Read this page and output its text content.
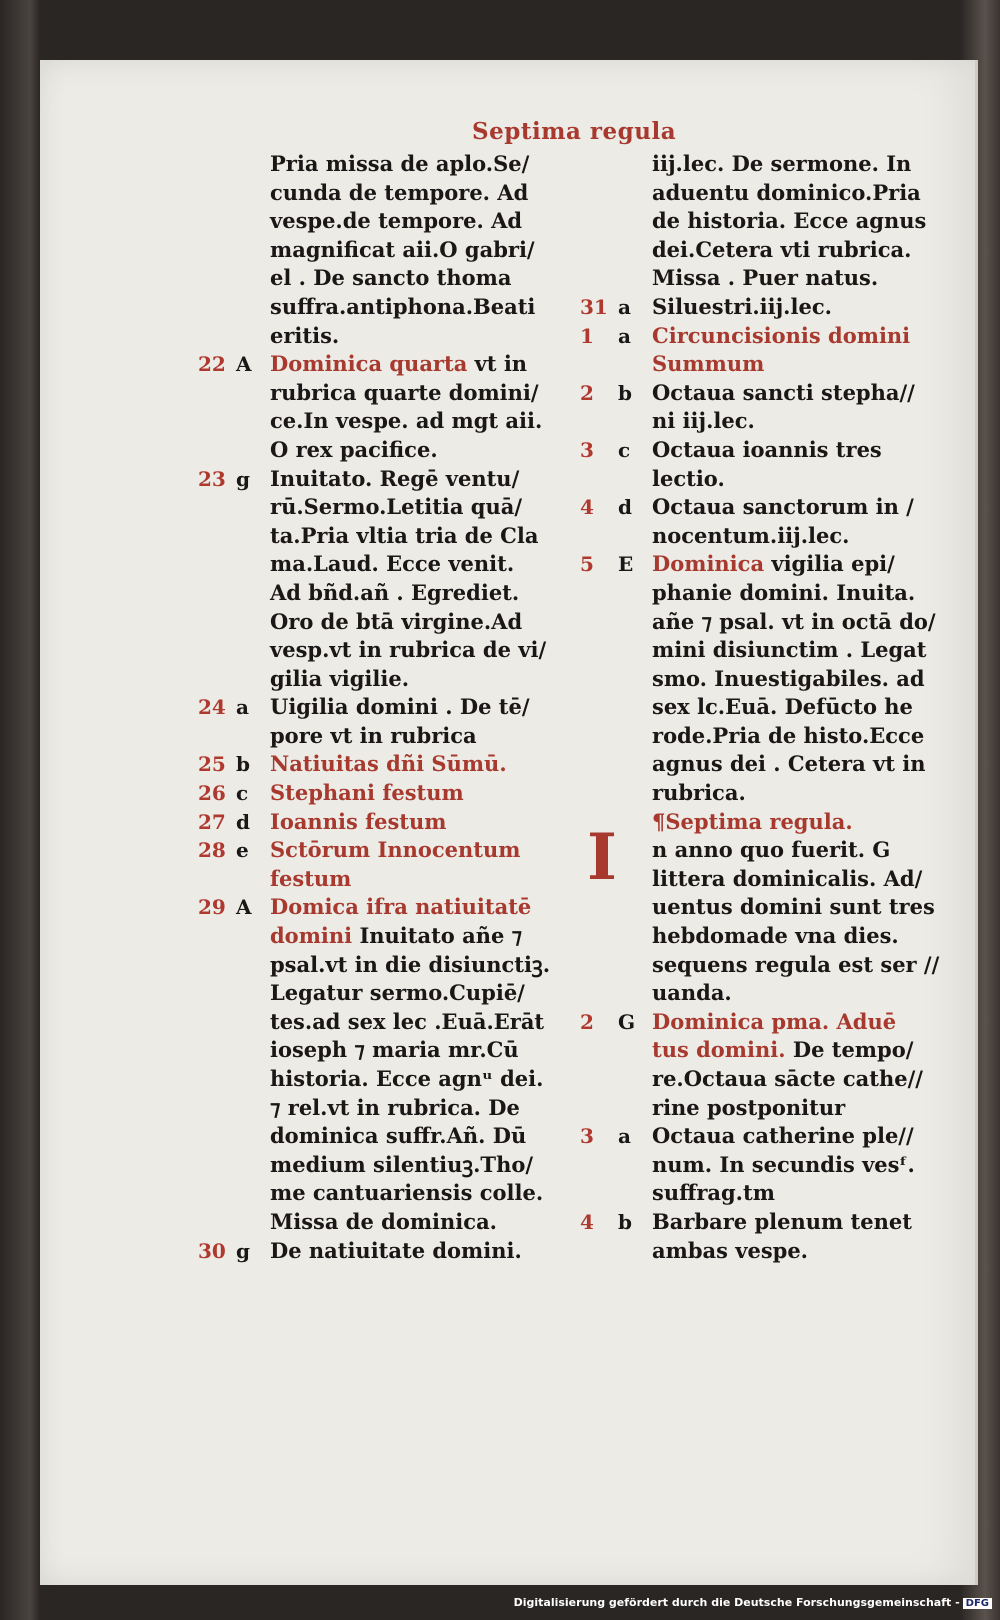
Septima regula
Pria missa de aplo.Se/
cunda de tempore. Ad
vespe.de tempore. Ad
magnificat aii.O gabri/
el . De sancto thoma
suffra.antiphona.Beati
eritis.
22 A Dominica quarta vt in
rubrica quarte domini/
ce.In vespe. ad mgt aii.
O rex pacifice.
23 g Inuitato. Regē ventu/
rū.Sermo.Letitia quā/
ta.Pria vltia tria de Cla
ma.Laud. Ecce venit.
Ad bñd.añ . Egrediet.
Oro de btā virgine.Ad
vesp.vt in rubrica de vi/
gilia vigilie.
24 a	Uigilia domini . De tē/
pore vt in rubrica
25 b Natiuitas dñi Sūmū.
26 c	Stephani festum
27 d Ioannis festum
28 e	Sctōrum Innocentum
festum
29 A Domica ifra natiuitatē
domini Inuitato añe ⁊
psal.vt in die disiunctiꝫ.
Legatur sermo.Cupiē/
tes.ad sex lec .Euā.Erāt
ioseph ⁊ maria mr.Cū
historia. Ecce agnᵘ dei.
⁊ rel.vt in rubrica. De
dominica suffr.Añ. Dū
medium silentiuꝫ.Tho/
me cantuariensis colle.
Missa de dominica.
30 g De natiuitate domini.
iij.lec. De sermone. In
aduentu dominico.Pria
de historia. Ecce agnus
dei.Cetera vti rubrica.
Missa . Puer natus.
31 a	Siluestri.iij.lec.
1	a	Circuncisionis domini
Summum
2	b Octaua sancti stepha//
ni iij.lec.
3	c	Octaua ioannis tres
lectio.
4	d Octaua sanctorum in /
nocentum.iij.lec.
5	E Dominica vigilia epi/
phanie domini. Inuita.
añe ⁊ psal. vt in octā do/
mini disiunctim . Legat
smo. Inuestigabiles. ad
sex lc.Euā. Defūcto he
rode.Pria de histo.Ecce
agnus dei . Cetera vt in
rubrica.
¶Septima regula.
n anno quo fuerit. G
littera dominicalis. Ad/
uentus domini sunt tres
hebdomade vna dies.
sequens regula est ser //
uanda.
2	G Dominica pma. Aduē
tus domini. De tempo/
re.Octaua sācte cathe//
rine postponitur
3	a	Octaua catherine ple//
num. In secundis vesᶠ.
suffrag.tm
4	b Barbare plenum tenet
ambas vespe.
I
Digitalisierung gefördert durch die Deutsche Forschungsgemeinschaft - DFG
